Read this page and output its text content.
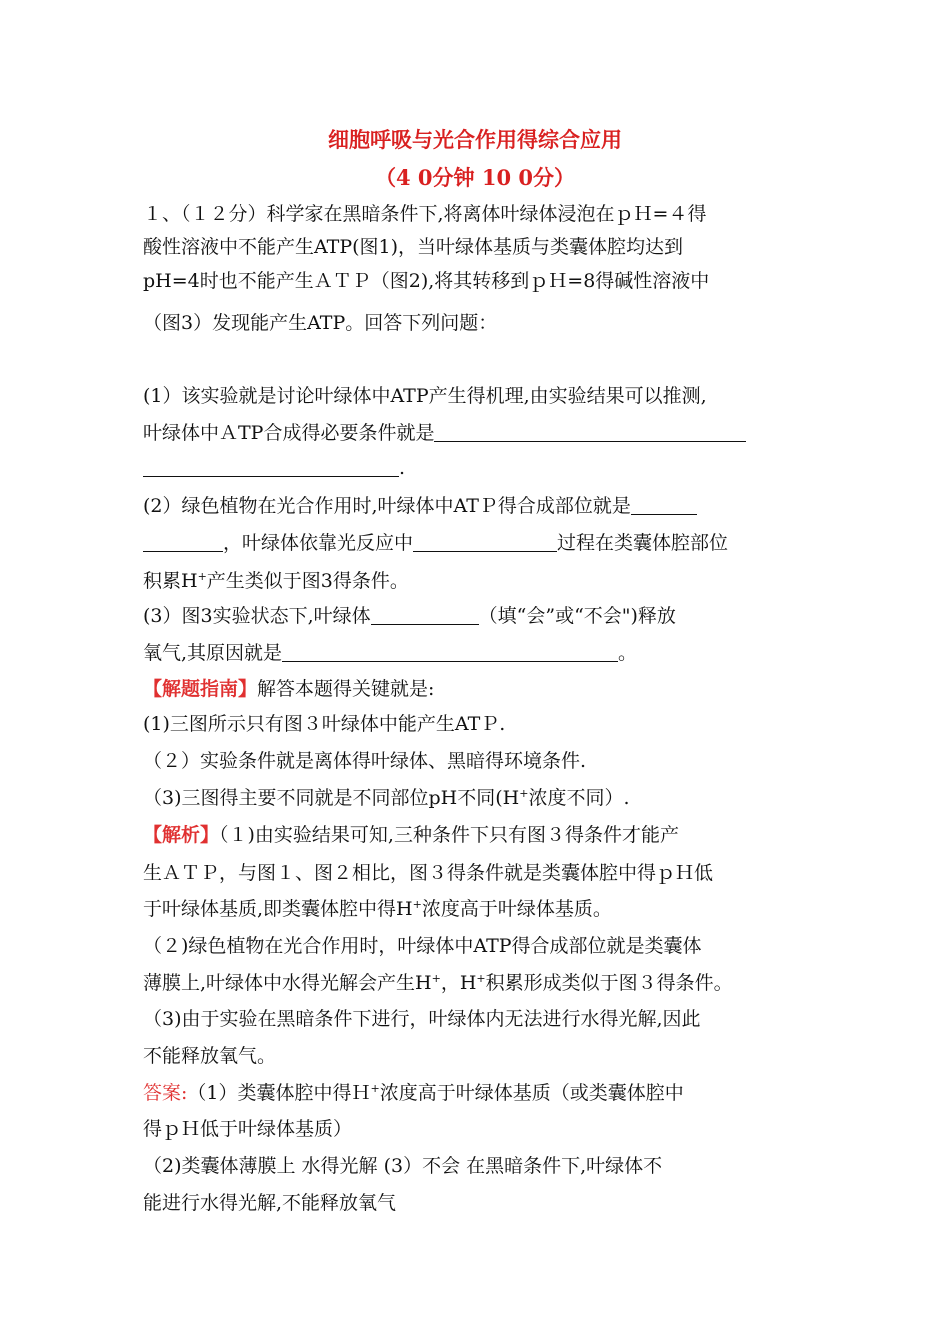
细胞呼吸与光合作用得综合应用
（4 0分钟 10 0分）
１、（１２分）科学家在黑暗条件下,将离体叶绿体浸泡在ｐＨ=４得
酸性溶液中不能产生ATP(图1)，当叶绿体基质与类囊体腔均达到
pH=4时也不能产生ＡＴＰ（图2),将其转移到ｐＨ=8得碱性溶液中
（图3）发现能产生ATP。回答下列问题：
(1）该实验就是讨论叶绿体中ATP产生得机理,由实验结果可以推测,
叶绿体中ＡTP合成得必要条件就是
.
(2）绿色植物在光合作用时,叶绿体中ATＰ得合成部位就是
，叶绿体依靠光反应中	过程在类囊体腔部位
积累H+产生类似于图3得条件。
(3）图3实验状态下,叶绿体	（填“会”或“不会")释放
氧气,其原因就是	。
【解题指南】解答本题得关键就是:
(1)三图所示只有图３叶绿体中能产生ATＰ.
（２）实验条件就是离体得叶绿体、黑暗得环境条件.
（3)三图得主要不同就是不同部位pH不同(H+浓度不同）.
【解析】（１)由实验结果可知,三种条件下只有图３得条件才能产
生ＡＴＰ，与图１、图２相比，图３得条件就是类囊体腔中得ｐＨ低
于叶绿体基质,即类囊体腔中得H+浓度高于叶绿体基质。
（２)绿色植物在光合作用时，叶绿体中ATP得合成部位就是类囊体
薄膜上,叶绿体中水得光解会产生H+，H+积累形成类似于图３得条件。
（3)由于实验在黑暗条件下进行，叶绿体内无法进行水得光解,因此
不能释放氧气。
答案:（1）类囊体腔中得Ｈ+浓度高于叶绿体基质（或类囊体腔中
得ｐＨ低于叶绿体基质）
（2)类囊体薄膜上 水得光解 (3）不会 在黑暗条件下,叶绿体不
能进行水得光解,不能释放氧气
